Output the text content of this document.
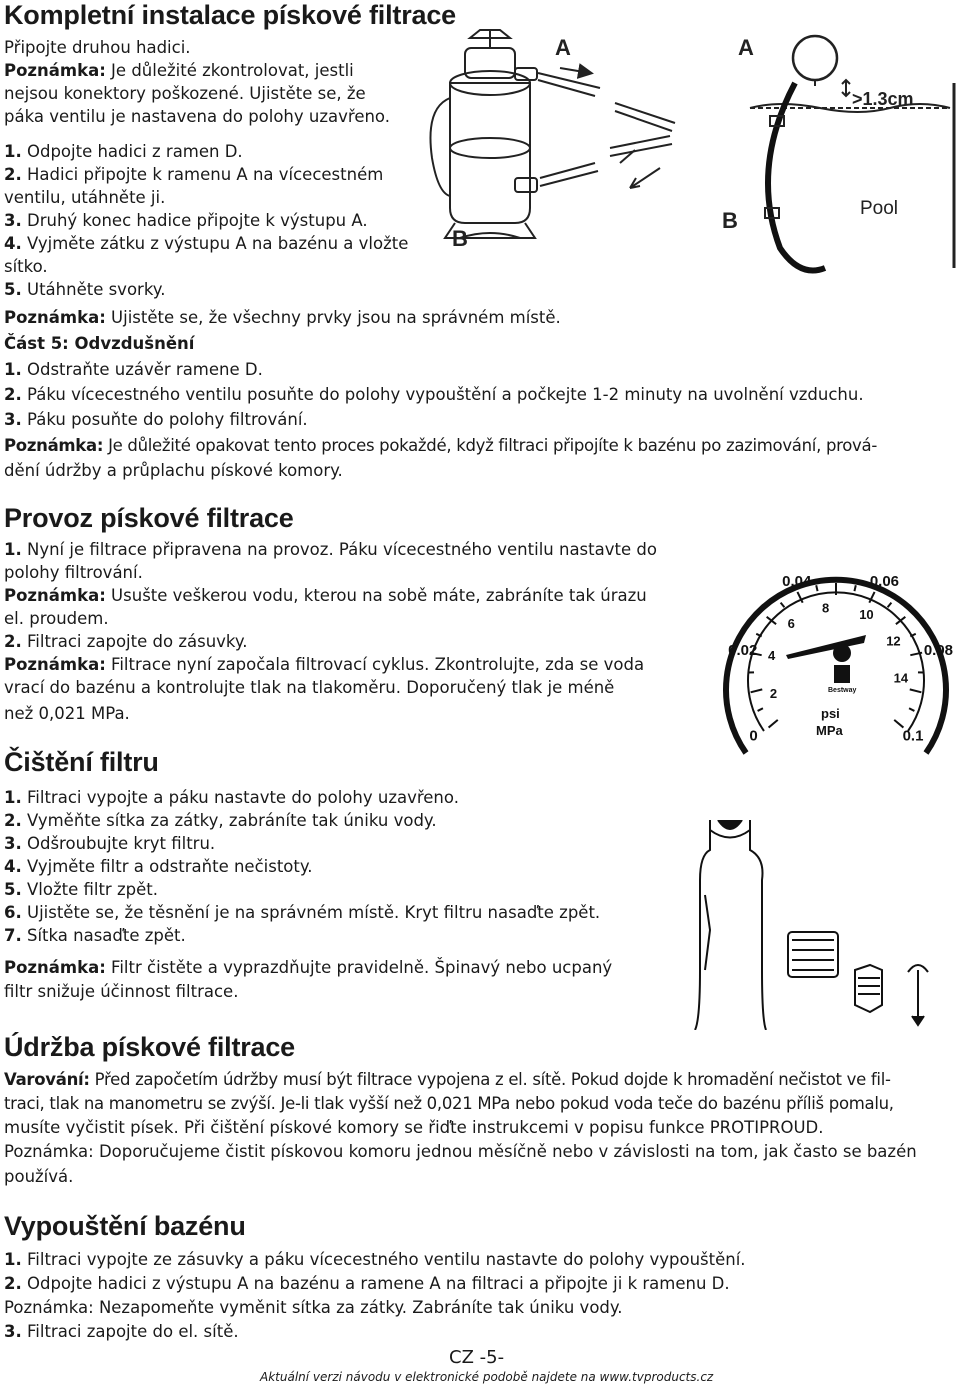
Kompletní instalace pískové filtrace
Připojte druhou hadici.
Poznámka: Je důležité zkontrolovat, jestli
nejsou konektory poškozené. Ujistěte se, že
páka ventilu je nastavena do polohy uzavřeno.
1. Odpojte hadici z ramen D.
2. Hadici připojte k ramenu A na vícecestném
ventilu, utáhněte ji.
3. Druhý konec hadice připojte k výstupu A.
4. Vyjměte zátku z výstupu A na bazénu a vložte
sítko.
5. Utáhněte svorky.
Poznámka: Ujistěte se, že všechny prvky jsou na správném místě.
Část 5: Odvzdušnění
1. Odstraňte uzávěr ramene D.
2. Páku vícecestného ventilu posuňte do polohy vypouštění a počkejte 1-2 minuty na uvolnění vzduchu.
3. Páku posuňte do polohy filtrování.
Poznámka: Je důležité opakovat tento proces pokaždé, když filtraci připojíte k bazénu po zazimování, prová-
dění údržby a průplachu pískové komory.
A	A
B
B
>1.3cm
Pool
Provoz pískové filtrace
1. Nyní je filtrace připravena na provoz. Páku vícecestného ventilu nastavte do
polohy filtrování.
Poznámka: Usušte veškerou vodu, kterou na sobě máte, zabráníte tak úrazu
el. proudem.
2. Filtraci zapojte do zásuvky.
Poznámka: Filtrace nyní započala filtrovací cyklus. Zkontrolujte, zda se voda
vrací do bazénu a kontrolujte tlak na tlakoměru. Doporučený tlak je méně
než 0,021 MPa.
0
0.02
0.04	0.06
0.08
0.1
2
4
6
8 10
12
14
Bestway
psi
MPa
Čištění filtru
1. Filtraci vypojte a páku nastavte do polohy uzavřeno.
2. Vyměňte sítka za zátky, zabráníte tak úniku vody.
3. Odšroubujte kryt filtru.
4. Vyjměte filtr a odstraňte nečistoty.
5. Vložte filtr zpět.
6. Ujistěte se, že těsnění je na správném místě. Kryt filtru nasaďte zpět.
7. Sítka nasaďte zpět.
Poznámka: Filtr čistěte a vyprazdňujte pravidelně. Špinavý nebo ucpaný
filtr snižuje účinnost filtrace.
Údržba pískové filtrace
Varování: Před započetím údržby musí být filtrace vypojena z el. sítě. Pokud dojde k hromadění nečistot ve fil-
traci, tlak na manometru se zvýší. Je-li tlak vyšší než 0,021 MPa nebo pokud voda teče do bazénu příliš pomalu,
musíte vyčistit písek. Při čištění pískové komory se řiďte instrukcemi v popisu funkce PROTIPROUD.
Poznámka: Doporučujeme čistit pískovou komoru jednou měsíčně nebo v závislosti na tom, jak často se bazén
používá.
Vypouštění bazénu
1. Filtraci vypojte ze zásuvky a páku vícecestného ventilu nastavte do polohy vypouštění.
2. Odpojte hadici z výstupu A na bazénu a ramene A na filtraci a připojte ji k ramenu D.
Poznámka: Nezapomeňte vyměnit sítka za zátky. Zabráníte tak úniku vody.
3. Filtraci zapojte do el. sítě.
CZ -5-
Aktuální verzi návodu v elektronické podobě najdete na www.tvproducts.cz
